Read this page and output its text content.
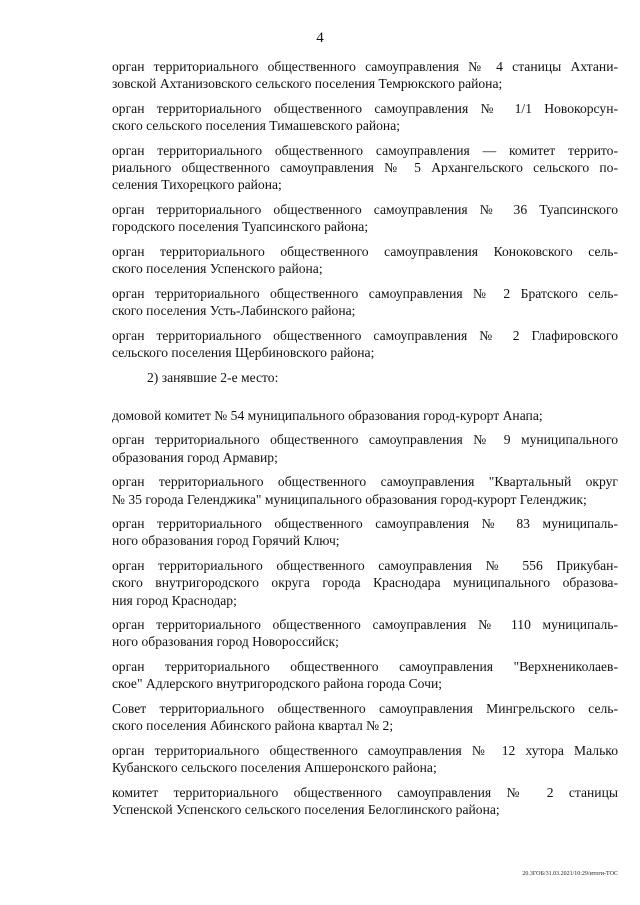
4
орган территориального общественного самоуправления № 4 станицы Ахтани-
зовской Ахтанизовского сельского поселения Темрюкского района;
орган территориального общественного самоуправления № 1/1 Новокорсун-
ского сельского поселения Тимашевского района;
орган территориального общественного самоуправления — комитет террито-
риального общественного самоуправления № 5 Архангельского сельского по-
селения Тихорецкого района;
орган территориального общественного самоуправления № 36 Туапсинского
городского поселения Туапсинского района;
орган территориального общественного самоуправления Коноковского сель-
ского поселения Успенского района;
орган территориального общественного самоуправления № 2 Братского сель-
ского поселения Усть-Лабинского района;
орган территориального общественного самоуправления № 2 Глафировского
сельского поселения Щербиновского района;
2) занявшие 2-е место:
домовой комитет № 54 муниципального образования город-курорт Анапа;
орган территориального общественного самоуправления № 9 муниципального
образования город Армавир;
орган территориального общественного самоуправления "Квартальный округ
№ 35 города Геленджика" муниципального образования город-курорт Геленджик;
орган территориального общественного самоуправления № 83 муниципаль-
ного образования город Горячий Ключ;
орган территориального общественного самоуправления № 556 Прикубан-
ского внутригородского округа города Краснодара муниципального образова-
ния город Краснодар;
орган территориального общественного самоуправления № 110 муниципаль-
ного образования город Новороссийск;
орган территориального общественного самоуправления "Верхнениколаев-
ское" Адлерского внутригородского района города Сочи;
Совет территориального общественного самоуправления Мингрельского сель-
ского поселения Абинского района квартал № 2;
орган территориального общественного самоуправления № 12 хутора Малько
Кубанского сельского поселения Апшеронского района;
комитет территориального общественного самоуправления № 2 станицы
Успенской Успенского сельского поселения Белоглинского района;
20.3ГОБ/31.03.2021/10:29/итоги-ТОС
